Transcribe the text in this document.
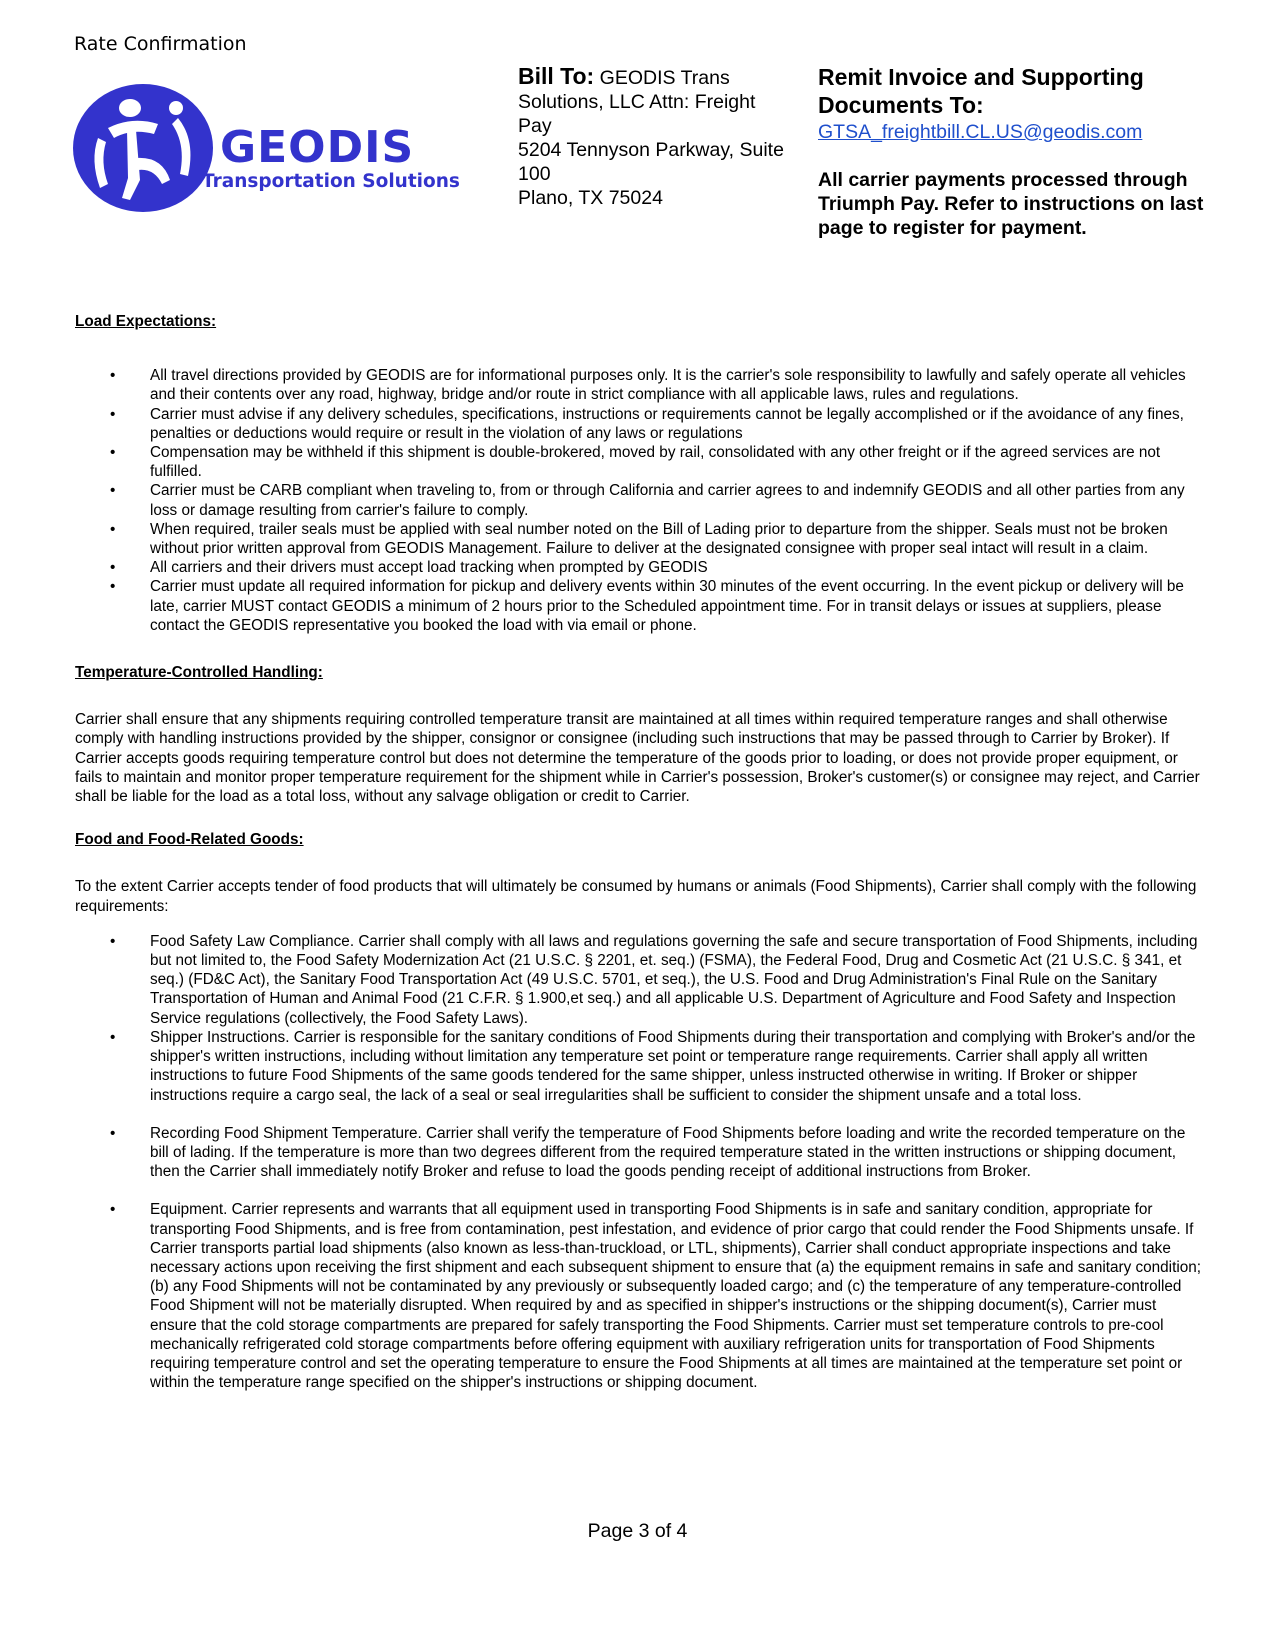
Rate Confirmation
GEODIS
Transportation Solutions
Bill To: GEODIS Trans Solutions, LLC Attn: Freight Pay
5204 Tennyson Parkway, Suite 100
Plano, TX 75024
Remit Invoice and Supporting Documents To:
GTSA_freightbill.CL.US@geodis.com
All carrier payments processed through Triumph Pay. Refer to instructions on last page to register for payment.

Load Expectations:

• All travel directions provided by GEODIS are for informational purposes only. It is the carrier's sole responsibility to lawfully and safely operate all vehicles and their contents over any road, highway, bridge and/or route in strict compliance with all applicable laws, rules and regulations.
• Carrier must advise if any delivery schedules, specifications, instructions or requirements cannot be legally accomplished or if the avoidance of any fines, penalties or deductions would require or result in the violation of any laws or regulations
• Compensation may be withheld if this shipment is double-brokered, moved by rail, consolidated with any other freight or if the agreed services are not fulfilled.
• Carrier must be CARB compliant when traveling to, from or through California and carrier agrees to and indemnify GEODIS and all other parties from any loss or damage resulting from carrier's failure to comply.
• When required, trailer seals must be applied with seal number noted on the Bill of Lading prior to departure from the shipper. Seals must not be broken without prior written approval from GEODIS Management. Failure to deliver at the designated consignee with proper seal intact will result in a claim.
• All carriers and their drivers must accept load tracking when prompted by GEODIS
• Carrier must update all required information for pickup and delivery events within 30 minutes of the event occurring. In the event pickup or delivery will be late, carrier MUST contact GEODIS a minimum of 2 hours prior to the Scheduled appointment time. For in transit delays or issues at suppliers, please contact the GEODIS representative you booked the load with via email or phone.

Temperature-Controlled Handling:

Carrier shall ensure that any shipments requiring controlled temperature transit are maintained at all times within required temperature ranges and shall otherwise comply with handling instructions provided by the shipper, consignor or consignee (including such instructions that may be passed through to Carrier by Broker). If Carrier accepts goods requiring temperature control but does not determine the temperature of the goods prior to loading, or does not provide proper equipment, or fails to maintain and monitor proper temperature requirement for the shipment while in Carrier's possession, Broker's customer(s) or consignee may reject, and Carrier shall be liable for the load as a total loss, without any salvage obligation or credit to Carrier.

Food and Food-Related Goods:

To the extent Carrier accepts tender of food products that will ultimately be consumed by humans or animals (Food Shipments), Carrier shall comply with the following requirements:

• Food Safety Law Compliance. Carrier shall comply with all laws and regulations governing the safe and secure transportation of Food Shipments, including but not limited to, the Food Safety Modernization Act (21 U.S.C. § 2201, et. seq.) (FSMA), the Federal Food, Drug and Cosmetic Act (21 U.S.C. § 341, et seq.) (FD&C Act), the Sanitary Food Transportation Act (49 U.S.C. 5701, et seq.), the U.S. Food and Drug Administration's Final Rule on the Sanitary Transportation of Human and Animal Food (21 C.F.R. § 1.900,et seq.) and all applicable U.S. Department of Agriculture and Food Safety and Inspection Service regulations (collectively, the Food Safety Laws).
• Shipper Instructions. Carrier is responsible for the sanitary conditions of Food Shipments during their transportation and complying with Broker's and/or the shipper's written instructions, including without limitation any temperature set point or temperature range requirements. Carrier shall apply all written instructions to future Food Shipments of the same goods tendered for the same shipper, unless instructed otherwise in writing. If Broker or shipper instructions require a cargo seal, the lack of a seal or seal irregularities shall be sufficient to consider the shipment unsafe and a total loss.
• Recording Food Shipment Temperature. Carrier shall verify the temperature of Food Shipments before loading and write the recorded temperature on the bill of lading. If the temperature is more than two degrees different from the required temperature stated in the written instructions or shipping document, then the Carrier shall immediately notify Broker and refuse to load the goods pending receipt of additional instructions from Broker.
• Equipment. Carrier represents and warrants that all equipment used in transporting Food Shipments is in safe and sanitary condition, appropriate for transporting Food Shipments, and is free from contamination, pest infestation, and evidence of prior cargo that could render the Food Shipments unsafe. If Carrier transports partial load shipments (also known as less-than-truckload, or LTL, shipments), Carrier shall conduct appropriate inspections and take necessary actions upon receiving the first shipment and each subsequent shipment to ensure that (a) the equipment remains in safe and sanitary condition; (b) any Food Shipments will not be contaminated by any previously or subsequently loaded cargo; and (c) the temperature of any temperature-controlled Food Shipment will not be materially disrupted. When required by and as specified in shipper's instructions or the shipping document(s), Carrier must ensure that the cold storage compartments are prepared for safely transporting the Food Shipments. Carrier must set temperature controls to pre-cool mechanically refrigerated cold storage compartments before offering equipment with auxiliary refrigeration units for transportation of Food Shipments requiring temperature control and set the operating temperature to ensure the Food Shipments at all times are maintained at the temperature set point or within the temperature range specified on the shipper's instructions or shipping document.
Page 3 of 4
